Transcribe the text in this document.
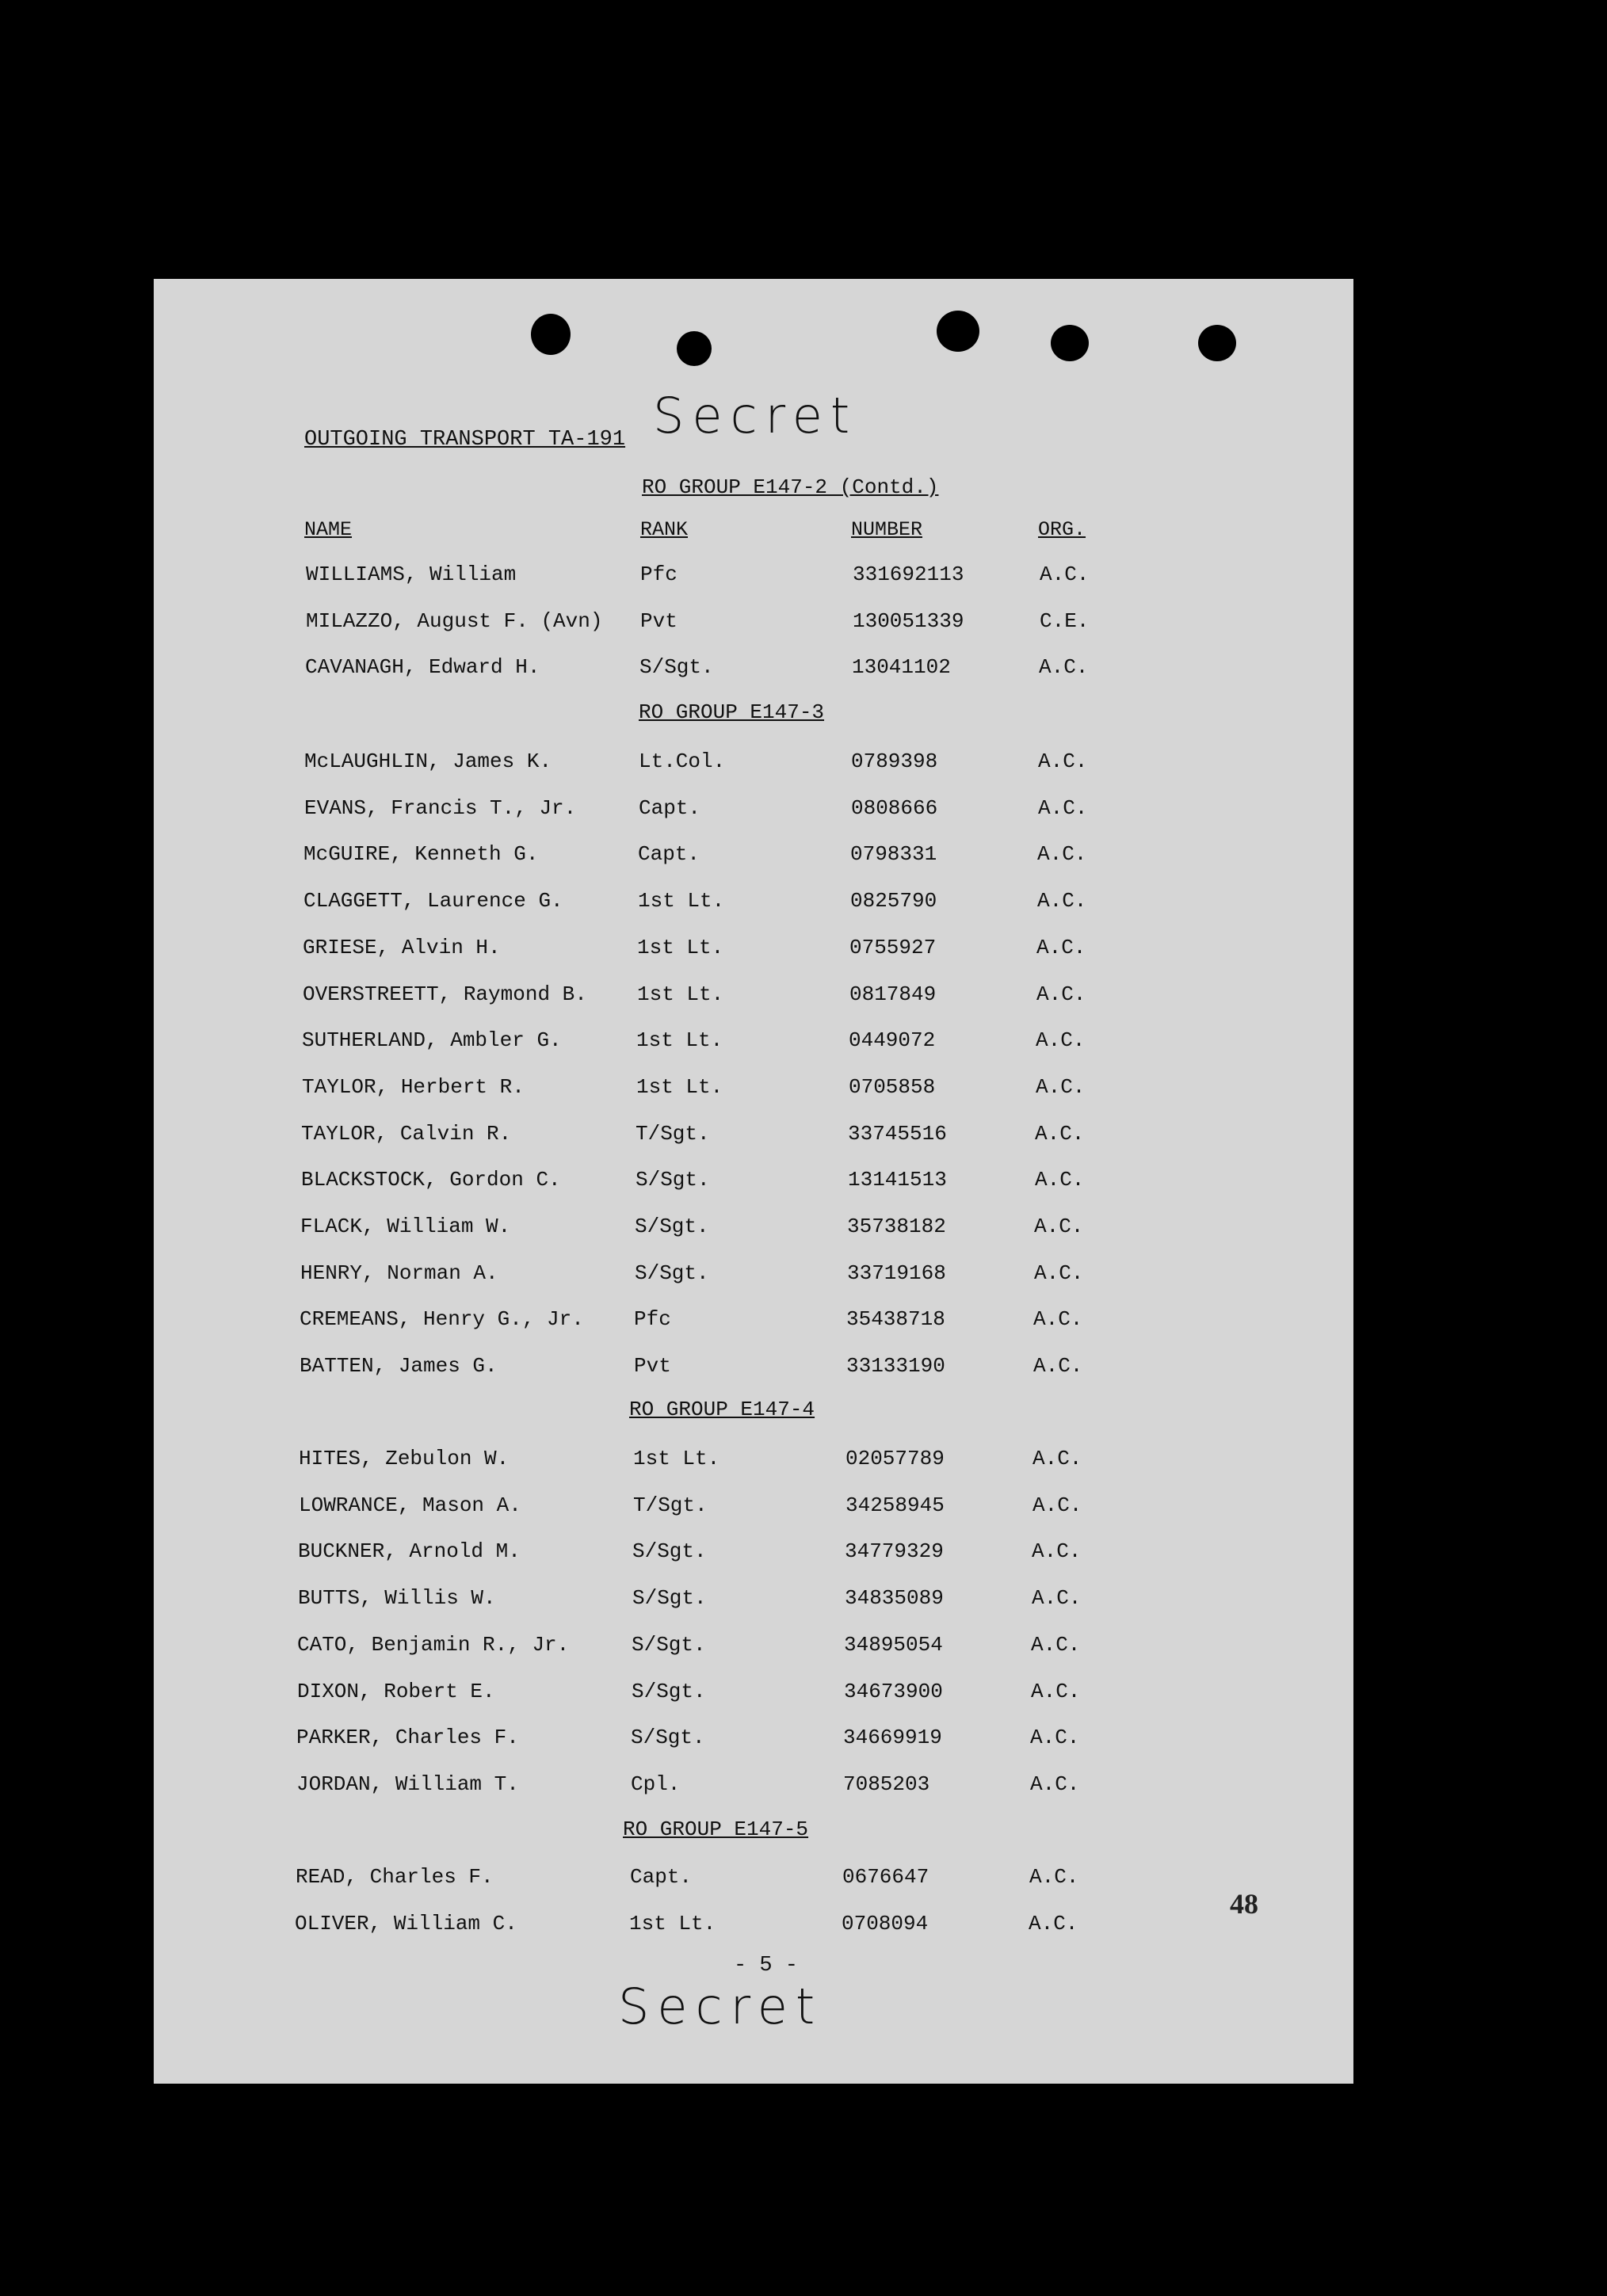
Secret
OUTGOING TRANSPORT TA-191
NAME	RANK	NUMBER	ORG.
RO GROUP E147-2 (Contd.)
WILLIAMS, William	Pfc	331692113	A.C.
MILAZZO, August F. (Avn) Pvt	130051339	C.E.
CAVANAGH, Edward H.	S/Sgt.	13041102	A.C.
RO GROUP E147-3
McLAUGHLIN, James K.	Lt.Col.	0789398	A.C.
EVANS, Francis T., Jr.	Capt.	0808666	A.C.
McGUIRE, Kenneth G.	Capt.	0798331	A.C.
CLAGGETT, Laurence G.	1st Lt.	0825790	A.C.
GRIESE, Alvin H.	1st Lt.	0755927	A.C.
OVERSTREETT, Raymond B. 1st Lt.	0817849	A.C.
SUTHERLAND, Ambler G.	1st Lt.	0449072	A.C.
TAYLOR, Herbert R.	1st Lt.	0705858	A.C.
TAYLOR, Calvin R.	T/Sgt.	33745516	A.C.
BLACKSTOCK, Gordon C.	S/Sgt.	13141513	A.C.
FLACK, William W.	S/Sgt.	35738182	A.C.
HENRY, Norman A.	S/Sgt.	33719168	A.C.
CREMEANS, Henry G., Jr. Pfc	35438718	A.C.
BATTEN, James G.	Pvt	33133190	A.C.
RO GROUP E147-4
HITES, Zebulon W.	1st Lt.	02057789	A.C.
LOWRANCE, Mason A.	T/Sgt.	34258945	A.C.
BUCKNER, Arnold M.	S/Sgt.	34779329	A.C.
BUTTS, Willis W.	S/Sgt.	34835089	A.C.
CATO, Benjamin R., Jr.	S/Sgt.	34895054	A.C.
DIXON, Robert E.	S/Sgt.	34673900	A.C.
PARKER, Charles F.	S/Sgt.	34669919	A.C.
JORDAN, William T.	Cpl.	7085203	A.C.
RO GROUP E147-5
READ, Charles F.	Capt.	0676647	A.C.
OLIVER, William C.	1st Lt.	0708094	A.C.
- 5 -
48
Secret
